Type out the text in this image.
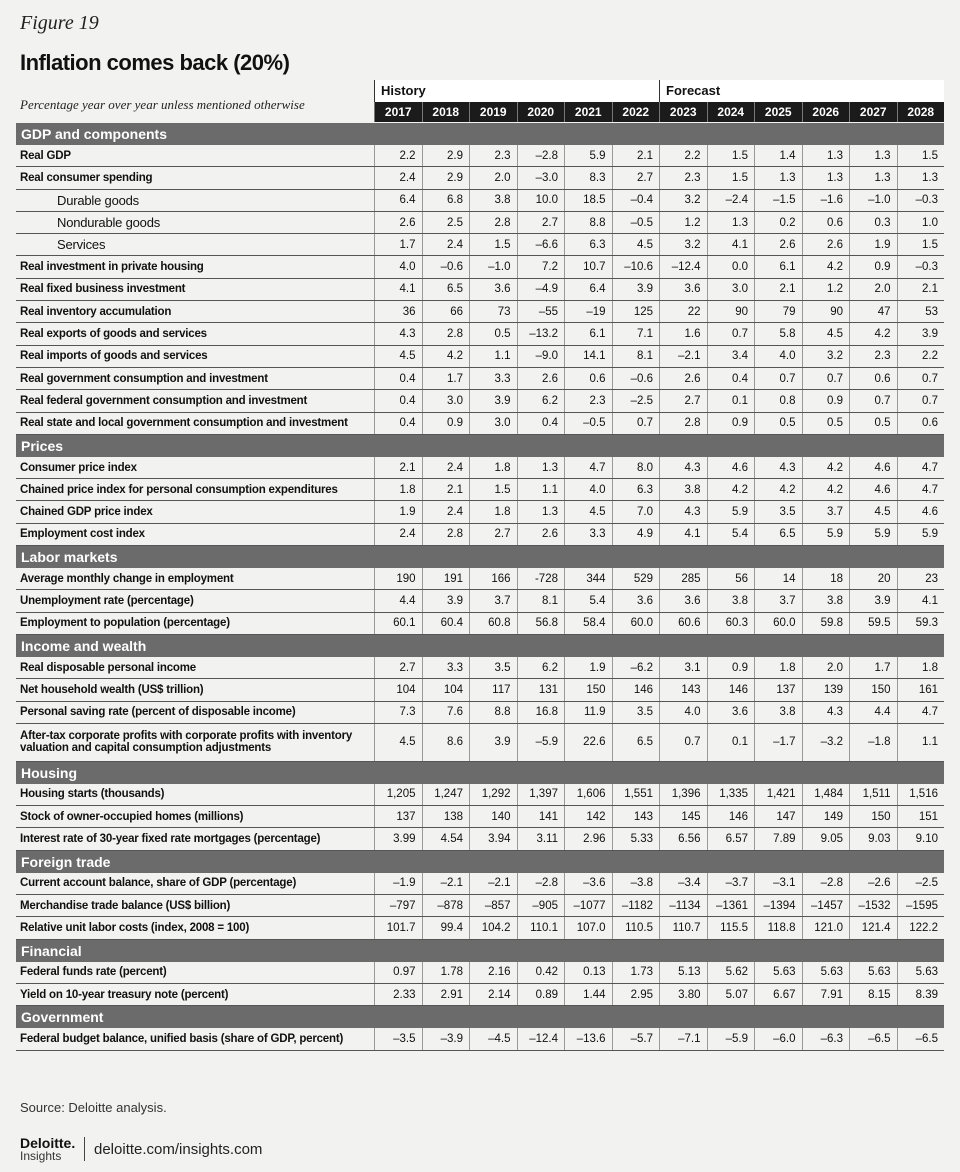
Figure 19
Inflation comes back (20%)
Percentage year over year unless mentioned otherwise
History	Forecast
2017	2018	2019	2020	2021	2022	2023	2024	2025	2026	2027	2028
GDP and components
Real GDP	2.2	2.9	2.3	–2.8	5.9	2.1	2.2	1.5	1.4	1.3	1.3	1.5
Real consumer spending	2.4	2.9	2.0	–3.0	8.3	2.7	2.3	1.5	1.3	1.3	1.3	1.3
Durable goods	6.4	6.8	3.8	10.0	18.5	–0.4	3.2	–2.4	–1.5	–1.6	–1.0	–0.3
Nondurable goods	2.6	2.5	2.8	2.7	8.8	–0.5	1.2	1.3	0.2	0.6	0.3	1.0
Services	1.7	2.4	1.5	–6.6	6.3	4.5	3.2	4.1	2.6	2.6	1.9	1.5
Real investment in private housing	4.0	–0.6	–1.0	7.2	10.7	–10.6	–12.4	0.0	6.1	4.2	0.9	–0.3
Real fixed business investment	4.1	6.5	3.6	–4.9	6.4	3.9	3.6	3.0	2.1	1.2	2.0	2.1
Real inventory accumulation	36	66	73	–55	–19	125	22	90	79	90	47	53
Real exports of goods and services	4.3	2.8	0.5	–13.2	6.1	7.1	1.6	0.7	5.8	4.5	4.2	3.9
Real imports of goods and services	4.5	4.2	1.1	–9.0	14.1	8.1	–2.1	3.4	4.0	3.2	2.3	2.2
Real government consumption and investment	0.4	1.7	3.3	2.6	0.6	–0.6	2.6	0.4	0.7	0.7	0.6	0.7
Real federal government consumption and investment	0.4	3.0	3.9	6.2	2.3	–2.5	2.7	0.1	0.8	0.9	0.7	0.7
Real state and local government consumption and investment	0.4	0.9	3.0	0.4	–0.5	0.7	2.8	0.9	0.5	0.5	0.5	0.6
Prices
Consumer price index	2.1	2.4	1.8	1.3	4.7	8.0	4.3	4.6	4.3	4.2	4.6	4.7
Chained price index for personal consumption expenditures	1.8	2.1	1.5	1.1	4.0	6.3	3.8	4.2	4.2	4.2	4.6	4.7
Chained GDP price index	1.9	2.4	1.8	1.3	4.5	7.0	4.3	5.9	3.5	3.7	4.5	4.6
Employment cost index	2.4	2.8	2.7	2.6	3.3	4.9	4.1	5.4	6.5	5.9	5.9	5.9
Labor markets
Average monthly change in employment	190	191	166	-728	344	529	285	56	14	18	20	23
Unemployment rate (percentage)	4.4	3.9	3.7	8.1	5.4	3.6	3.6	3.8	3.7	3.8	3.9	4.1
Employment to population (percentage)	60.1	60.4	60.8	56.8	58.4	60.0	60.6	60.3	60.0	59.8	59.5	59.3
Income and wealth
Real disposable personal income	2.7	3.3	3.5	6.2	1.9	–6.2	3.1	0.9	1.8	2.0	1.7	1.8
Net household wealth (US$ trillion)	104	104	117	131	150	146	143	146	137	139	150	161
Personal saving rate (percent of disposable income)	7.3	7.6	8.8	16.8	11.9	3.5	4.0	3.6	3.8	4.3	4.4	4.7
After-tax corporate profits with corporate profits with inventory valuation and capital consumption adjustments	4.5	8.6	3.9	–5.9	22.6	6.5	0.7	0.1	–1.7	–3.2	–1.8	1.1
Housing
Housing starts (thousands)	1,205	1,247	1,292	1,397	1,606	1,551	1,396	1,335	1,421	1,484	1,511	1,516
Stock of owner-occupied homes (millions)	137	138	140	141	142	143	145	146	147	149	150	151
Interest rate of 30-year fixed rate mortgages (percentage)	3.99	4.54	3.94	3.11	2.96	5.33	6.56	6.57	7.89	9.05	9.03	9.10
Foreign trade
Current account balance, share of GDP (percentage)	–1.9	–2.1	–2.1	–2.8	–3.6	–3.8	–3.4	–3.7	–3.1	–2.8	–2.6	–2.5
Merchandise trade balance (US$ billion)	–797	–878	–857	–905	–1077	–1182	–1134	–1361	–1394	–1457	–1532	–1595
Relative unit labor costs (index, 2008 = 100)	101.7	99.4	104.2	110.1	107.0	110.5	110.7	115.5	118.8	121.0	121.4	122.2
Financial
Federal funds rate (percent)	0.97	1.78	2.16	0.42	0.13	1.73	5.13	5.62	5.63	5.63	5.63	5.63
Yield on 10-year treasury note (percent)	2.33	2.91	2.14	0.89	1.44	2.95	3.80	5.07	6.67	7.91	8.15	8.39
Government
Federal budget balance, unified basis (share of GDP, percent)	–3.5	–3.9	–4.5	–12.4	–13.6	–5.7	–7.1	–5.9	–6.0	–6.3	–6.5	–6.5
Source: Deloitte analysis.
Deloitte.
Insights	deloitte.com/insights.com
